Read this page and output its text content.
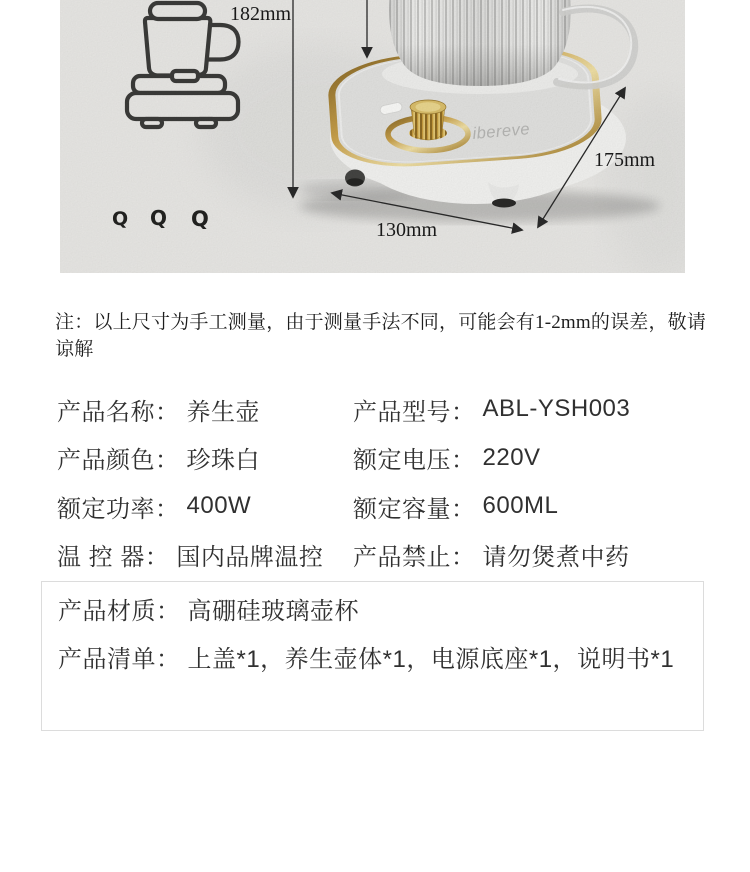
Q Q Q
182mm
ibereve
130mm
175mm
注：以上尺寸为手工测量，由于测量手法不同，可能会有1-2mm的误差，敬请谅解
产品名称： 养生壶
产品颜色： 珍珠白
额定功率： 400W
温 控 器： 国内品牌温控
产品型号： ABL-YSH003
额定电压： 220V
额定容量： 600ML
产品禁止： 请勿煲煮中药
产品材质： 高硼硅玻璃壶杯
产品清单： 上盖*1，养生壶体*1，电源底座*1，说明书*1
